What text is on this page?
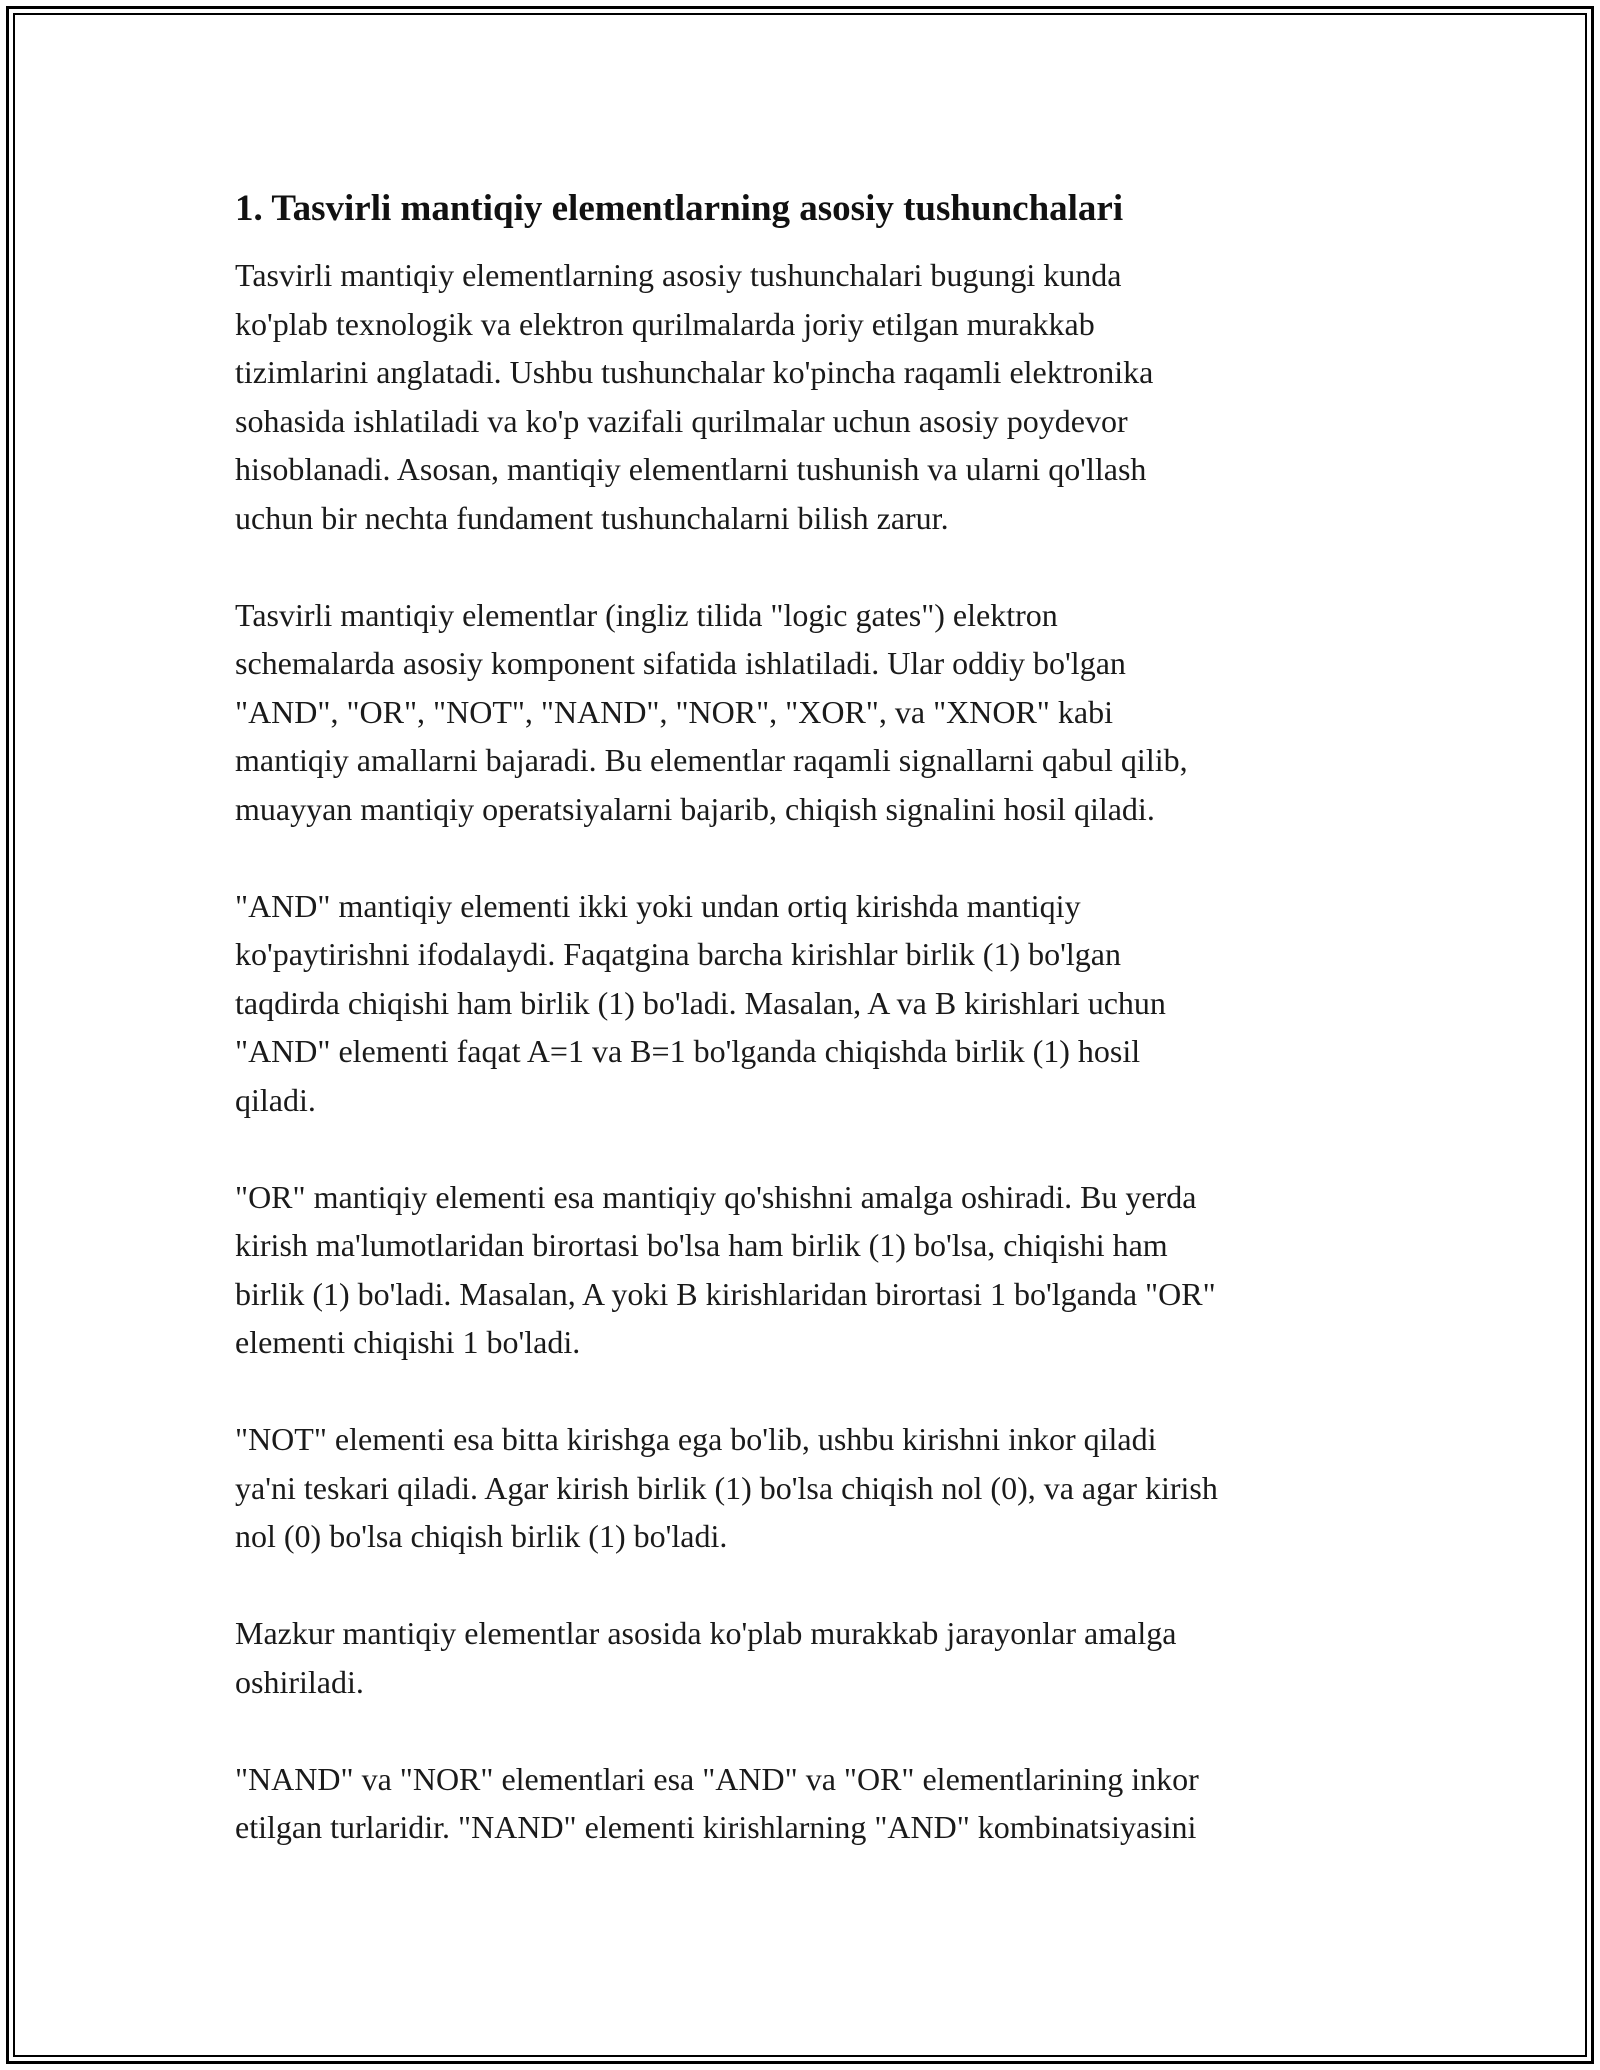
1. Tasvirli mantiqiy elementlarning asosiy tushunchalari
Tasvirli mantiqiy elementlarning asosiy tushunchalari bugungi kunda
ko'plab texnologik va elektron qurilmalarda joriy etilgan murakkab
tizimlarini anglatadi. Ushbu tushunchalar ko'pincha raqamli elektronika
sohasida ishlatiladi va ko'p vazifali qurilmalar uchun asosiy poydevor
hisoblanadi. Asosan, mantiqiy elementlarni tushunish va ularni qo'llash
uchun bir nechta fundament tushunchalarni bilish zarur.
Tasvirli mantiqiy elementlar (ingliz tilida "logic gates") elektron
schemalarda asosiy komponent sifatida ishlatiladi. Ular oddiy bo'lgan
"AND", "OR", "NOT", "NAND", "NOR", "XOR", va "XNOR" kabi
mantiqiy amallarni bajaradi. Bu elementlar raqamli signallarni qabul qilib,
muayyan mantiqiy operatsiyalarni bajarib, chiqish signalini hosil qiladi.
"AND" mantiqiy elementi ikki yoki undan ortiq kirishda mantiqiy
ko'paytirishni ifodalaydi. Faqatgina barcha kirishlar birlik (1) bo'lgan
taqdirda chiqishi ham birlik (1) bo'ladi. Masalan, A va B kirishlari uchun
"AND" elementi faqat A=1 va B=1 bo'lganda chiqishda birlik (1) hosil
qiladi.
"OR" mantiqiy elementi esa mantiqiy qo'shishni amalga oshiradi. Bu yerda
kirish ma'lumotlaridan birortasi bo'lsa ham birlik (1) bo'lsa, chiqishi ham
birlik (1) bo'ladi. Masalan, A yoki B kirishlaridan birortasi 1 bo'lganda "OR"
elementi chiqishi 1 bo'ladi.
"NOT" elementi esa bitta kirishga ega bo'lib, ushbu kirishni inkor qiladi
ya'ni teskari qiladi. Agar kirish birlik (1) bo'lsa chiqish nol (0), va agar kirish
nol (0) bo'lsa chiqish birlik (1) bo'ladi.
Mazkur mantiqiy elementlar asosida ko'plab murakkab jarayonlar amalga
oshiriladi.
"NAND" va "NOR" elementlari esa "AND" va "OR" elementlarining inkor
etilgan turlaridir. "NAND" elementi kirishlarning "AND" kombinatsiyasini
